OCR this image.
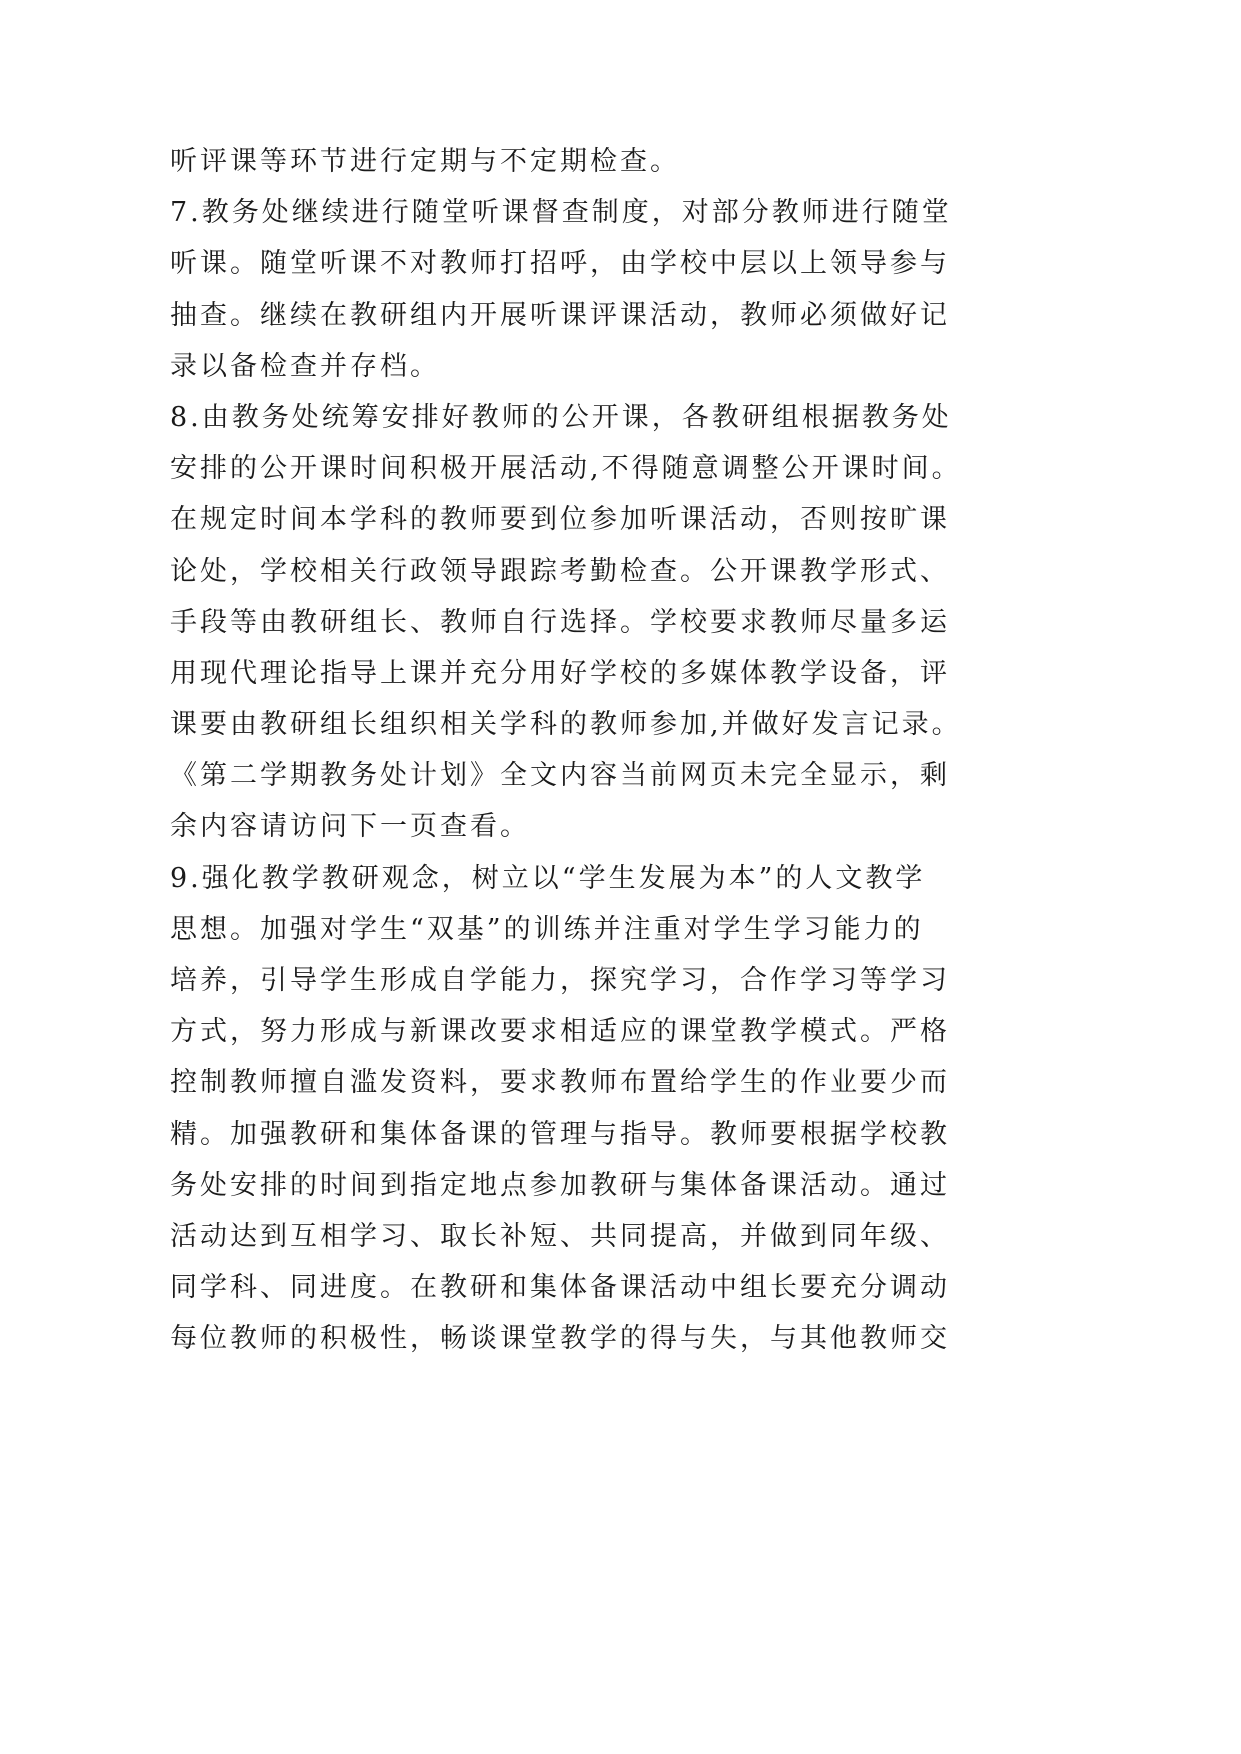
听评课等环节进行定期与不定期检查。
7.教务处继续进行随堂听课督查制度，对部分教师进行随堂
听课。随堂听课不对教师打招呼，由学校中层以上领导参与
抽查。继续在教研组内开展听课评课活动，教师必须做好记
录以备检查并存档。
8.由教务处统筹安排好教师的公开课，各教研组根据教务处
安排的公开课时间积极开展活动,不得随意调整公开课时间。
在规定时间本学科的教师要到位参加听课活动，否则按旷课
论处，学校相关行政领导跟踪考勤检查。公开课教学形式、
手段等由教研组长、教师自行选择。学校要求教师尽量多运
用现代理论指导上课并充分用好学校的多媒体教学设备，评
课要由教研组长组织相关学科的教师参加,并做好发言记录。
《第二学期教务处计划》全文内容当前网页未完全显示，剩
余内容请访问下一页查看。
9.强化教学教研观念，树立以“学生发展为本”的人文教学
思想。加强对学生“双基”的训练并注重对学生学习能力的
培养，引导学生形成自学能力，探究学习，合作学习等学习
方式，努力形成与新课改要求相适应的课堂教学模式。严格
控制教师擅自滥发资料，要求教师布置给学生的作业要少而
精。加强教研和集体备课的管理与指导。教师要根据学校教
务处安排的时间到指定地点参加教研与集体备课活动。通过
活动达到互相学习、取长补短、共同提高，并做到同年级、
同学科、同进度。在教研和集体备课活动中组长要充分调动
每位教师的积极性，畅谈课堂教学的得与失，与其他教师交
